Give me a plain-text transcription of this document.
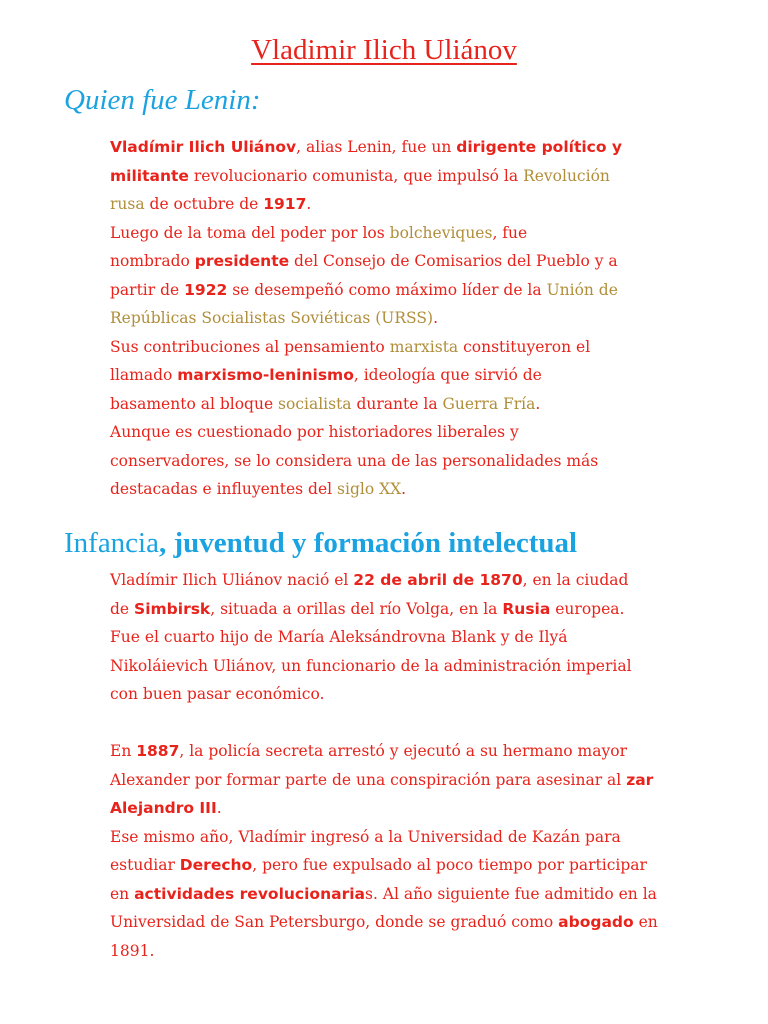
Vladimir Ilich Uliánov
Quien fue Lenin:
Vladímir Ilich Uliánov, alias Lenin, fue un dirigente político y
militante revolucionario comunista, que impulsó la Revolución
rusa de octubre de 1917.
Luego de la toma del poder por los bolcheviques, fue
nombrado presidente del Consejo de Comisarios del Pueblo y a
partir de 1922 se desempeñó como máximo líder de la Unión de
Repúblicas Socialistas Soviéticas (URSS).
Sus contribuciones al pensamiento marxista constituyeron el
llamado marxismo-leninismo, ideología que sirvió de
basamento al bloque socialista durante la Guerra Fría.
Aunque es cuestionado por historiadores liberales y
conservadores, se lo considera una de las personalidades más
destacadas e influyentes del siglo XX.
Infancia, juventud y formación intelectual
Vladímir Ilich Uliánov nació el 22 de abril de 1870, en la ciudad
de Simbirsk, situada a orillas del río Volga, en la Rusia europea.
Fue el cuarto hijo de María Aleksándrovna Blank y de Ilyá
Nikoláievich Uliánov, un funcionario de la administración imperial
con buen pasar económico.
En 1887, la policía secreta arrestó y ejecutó a su hermano mayor
Alexander por formar parte de una conspiración para asesinar al zar
Alejandro III.
Ese mismo año, Vladímir ingresó a la Universidad de Kazán para
estudiar Derecho, pero fue expulsado al poco tiempo por participar
en actividades revolucionarias. Al año siguiente fue admitido en la
Universidad de San Petersburgo, donde se graduó como abogado en
1891.
